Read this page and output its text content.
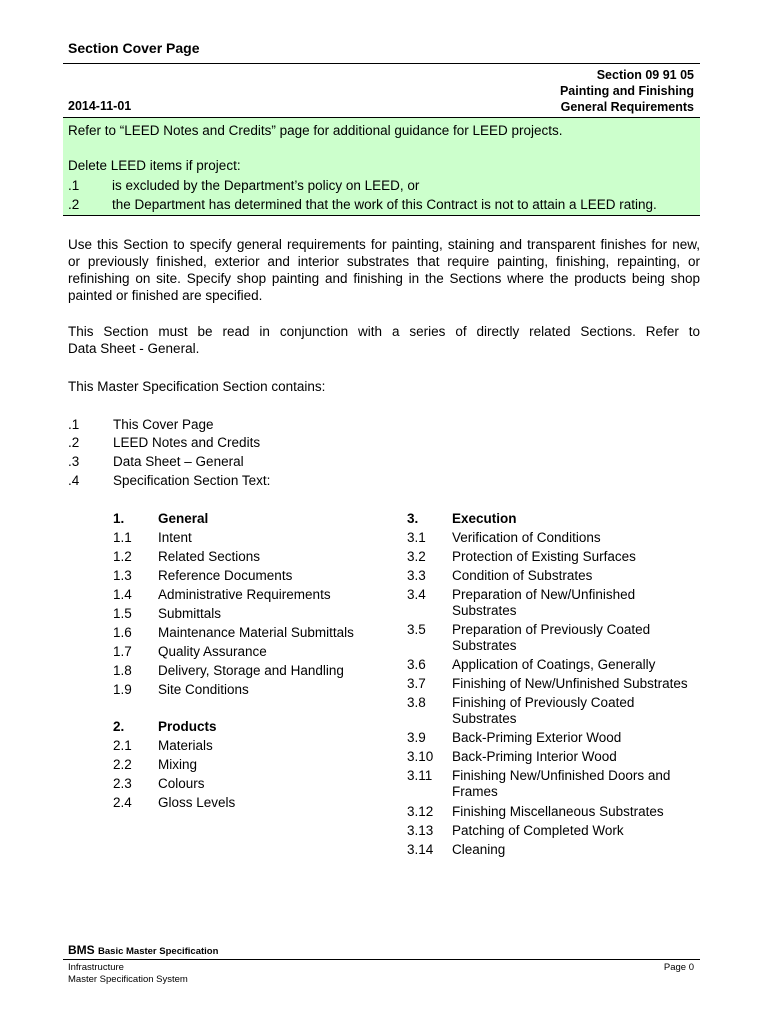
Section Cover Page
Section 09 91 05
Painting and Finishing
General Requirements
2014-11-01
Refer to “LEED Notes and Credits” page for additional guidance for LEED projects.
Delete LEED items if project:
.1 is excluded by the Department’s policy on LEED, or
.2 the Department has determined that the work of this Contract is not to attain a LEED rating.
Use this Section to specify general requirements for painting, staining and transparent finishes for new,
or previously finished, exterior and interior substrates that require painting, finishing, repainting, or
refinishing on site. Specify shop painting and finishing in the Sections where the products being shop
painted or finished are specified.
This Section must be read in conjunction with a series of directly related Sections. Refer to
Data Sheet - General.
This Master Specification Section contains:
.1 This Cover Page
.2 LEED Notes and Credits
.3 Data Sheet – General
.4 Specification Section Text:
1. General
1.1 Intent
1.2 Related Sections
1.3 Reference Documents
1.4 Administrative Requirements
1.5 Submittals
1.6 Maintenance Material Submittals
1.7 Quality Assurance
1.8 Delivery, Storage and Handling
1.9 Site Conditions
2. Products
2.1 Materials
2.2 Mixing
2.3 Colours
2.4 Gloss Levels
3. Execution
3.1 Verification of Conditions
3.2 Protection of Existing Surfaces
3.3 Condition of Substrates
3.4 Preparation of New/Unfinished
Substrates
3.5 Preparation of Previously Coated
Substrates
3.6 Application of Coatings, Generally
3.7 Finishing of New/Unfinished Substrates
3.8 Finishing of Previously Coated
Substrates
3.9 Back-Priming Exterior Wood
3.10 Back-Priming Interior Wood
3.11 Finishing New/Unfinished Doors and
Frames
3.12 Finishing Miscellaneous Substrates
3.13 Patching of Completed Work
3.14 Cleaning
BMS Basic Master Specification
Infrastructure
Master Specification System
Page 0
